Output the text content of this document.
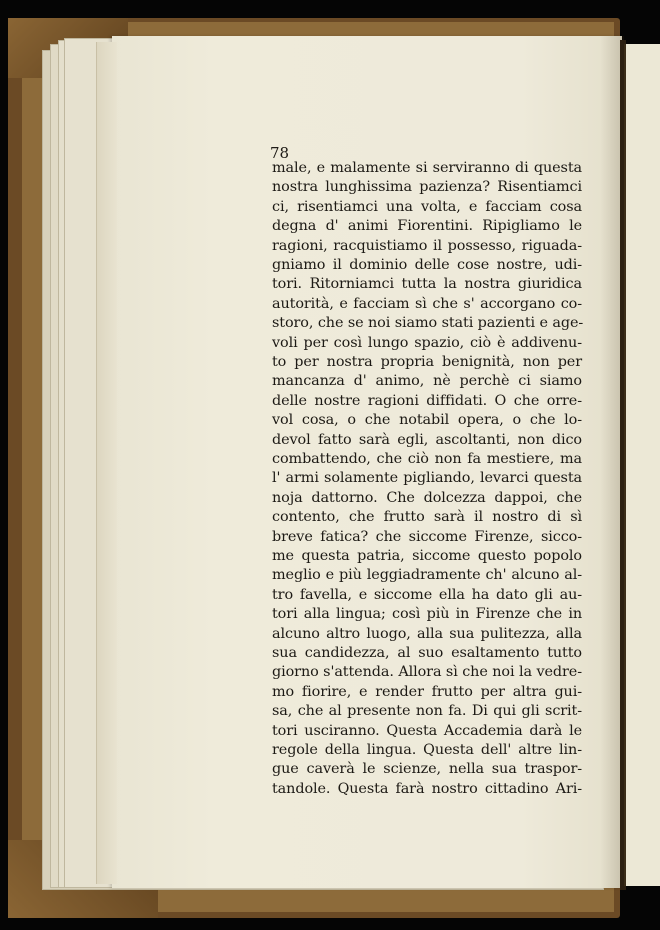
78
male, e malamente si serviranno di questa
nostra lunghissima pazienza? Risentiamci
ci, risentiamci una volta, e facciam cosa
degna d' animi Fiorentini. Ripigliamo le
ragioni, racquistiamo il possesso, riguada-
gniamo il dominio delle cose nostre, udi-
tori. Ritorniamci tutta la nostra giuridica
autorità, e facciam sì che s' accorgano co-
storo, che se noi siamo stati pazienti e age-
voli per così lungo spazio, ciò è addivenu-
to per nostra propria benignità, non per
mancanza d' animo, nè perchè ci siamo
delle nostre ragioni diffidati. O che orre-
vol cosa, o che notabil opera, o che lo-
devol fatto sarà egli, ascoltanti, non dico
combattendo, che ciò non fa mestiere, ma
l' armi solamente pigliando, levarci questa
noja dattorno. Che dolcezza dappoi, che
contento, che frutto sarà il nostro di sì
breve fatica? che siccome Firenze, sicco-
me questa patria, siccome questo popolo
meglio e più leggiadramente ch' alcuno al-
tro favella, e siccome ella ha dato gli au-
tori alla lingua; così più in Firenze che in
alcuno altro luogo, alla sua pulitezza, alla
sua candidezza, al suo esaltamento tutto
giorno s'attenda. Allora sì che noi la vedre-
mo fiorire, e render frutto per altra gui-
sa, che al presente non fa. Di qui gli scrit-
tori usciranno. Questa Accademia darà le
regole della lingua. Questa dell' altre lin-
gue caverà le scienze, nella sua traspor-
tandole. Questa farà nostro cittadino Ari-
